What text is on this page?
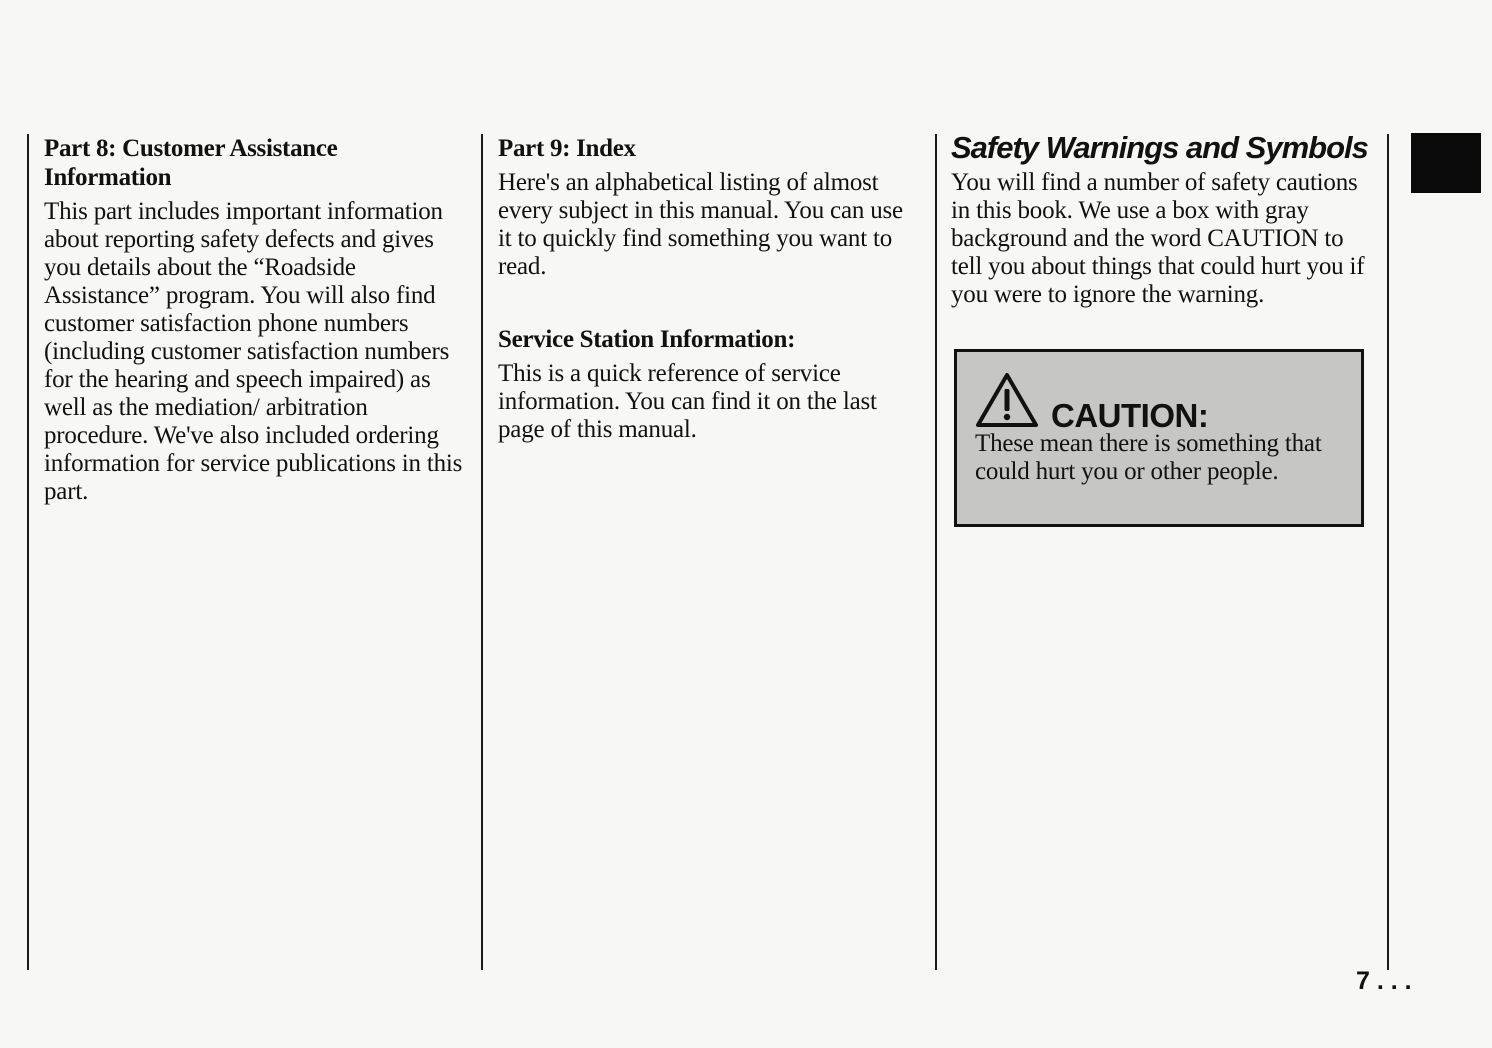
Part 8: Customer Assistance Information

This part includes important information about reporting safety defects and gives you details about the “Roadside Assistance” program. You will also find customer satisfaction phone numbers (including customer satisfaction numbers for the hearing and speech impaired) as well as the mediation/ arbitration procedure. We've also included ordering information for service publications in this part.

Part 9: Index

Here's an alphabetical listing of almost every subject in this manual. You can use it to quickly find something you want to read.

Service Station Information:

This is a quick reference of service information. You can find it on the last page of this manual.

Safety Warnings and Symbols

You will find a number of safety cautions in this book. We use a box with gray background and the word CAUTION to tell you about things that could hurt you if you were to ignore the warning.

CAUTION:

These mean there is something that could hurt you or other people.

7 . . .
